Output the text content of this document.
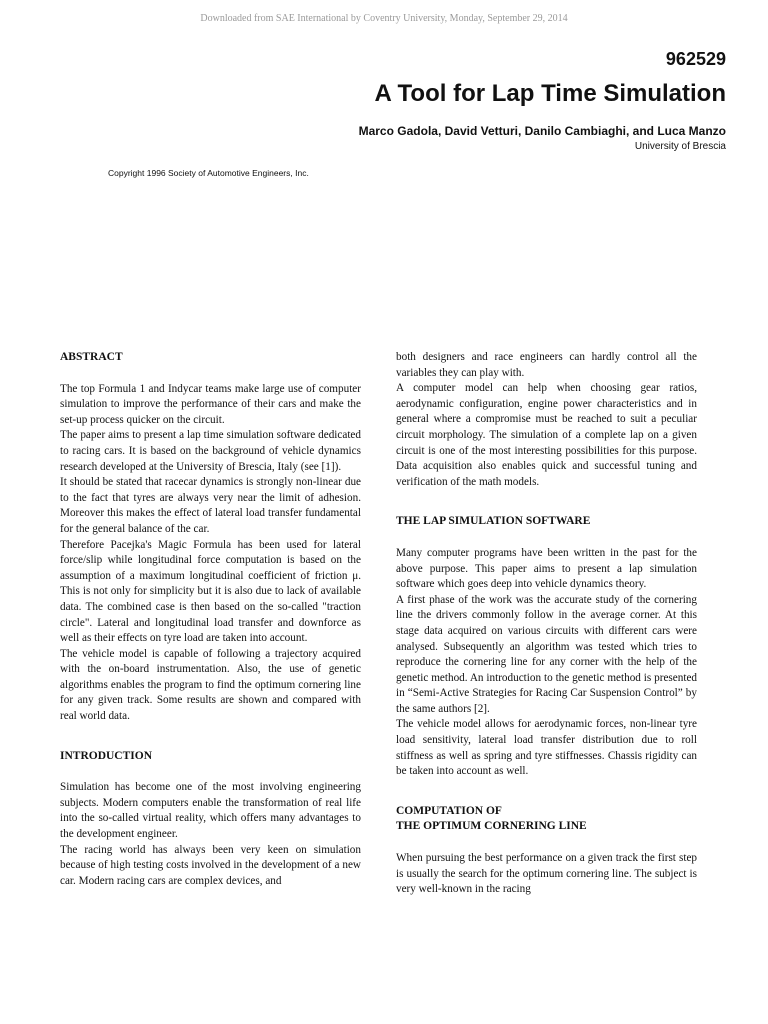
Downloaded from SAE International by Coventry University, Monday, September 29, 2014
962529
A Tool for Lap Time Simulation
Marco Gadola, David Vetturi, Danilo Cambiaghi, and Luca Manzo
University of Brescia
Copyright 1996 Society of Automotive Engineers, Inc.
ABSTRACT

The top Formula 1 and Indycar teams make large use of computer simulation to improve the performance of their cars and make the set-up process quicker on the circuit.

The paper aims to present a lap time simulation software dedicated to racing cars. It is based on the background of vehicle dynamics research developed at the University of Brescia, Italy (see [1]).

It should be stated that racecar dynamics is strongly non-linear due to the fact that tyres are always very near the limit of adhesion. Moreover this makes the effect of lateral load transfer fundamental for the general balance of the car.

Therefore Pacejka's Magic Formula has been used for lateral force/slip while longitudinal force computation is based on the assumption of a maximum longitudinal coefficient of friction μ. This is not only for simplicity but it is also due to lack of available data. The combined case is then based on the so-called "traction circle". Lateral and longitudinal load transfer and downforce as well as their effects on tyre load are taken into account.

The vehicle model is capable of following a trajectory acquired with the on-board instrumentation. Also, the use of genetic algorithms enables the program to find the optimum cornering line for any given track. Some results are shown and compared with real world data.

INTRODUCTION

Simulation has become one of the most involving engineering subjects. Modern computers enable the transformation of real life into the so-called virtual reality, which offers many advantages to the development engineer.

The racing world has always been very keen on simulation because of high testing costs involved in the development of a new car. Modern racing cars are complex devices, and

both designers and race engineers can hardly control all the variables they can play with.

A computer model can help when choosing gear ratios, aerodynamic configuration, engine power characteristics and in general where a compromise must be reached to suit a peculiar circuit morphology. The simulation of a complete lap on a given circuit is one of the most interesting possibilities for this purpose. Data acquisition also enables quick and successful tuning and verification of the math models.

THE LAP SIMULATION SOFTWARE

Many computer programs have been written in the past for the above purpose. This paper aims to present a lap simulation software which goes deep into vehicle dynamics theory.

A first phase of the work was the accurate study of the cornering line the drivers commonly follow in the average corner. At this stage data acquired on various circuits with different cars were analysed. Subsequently an algorithm was tested which tries to reproduce the cornering line for any corner with the help of the genetic method. An introduction to the genetic method is presented in “Semi-Active Strategies for Racing Car Suspension Control” by the same authors [2].

The vehicle model allows for aerodynamic forces, non-linear tyre load sensitivity, lateral load transfer distribution due to roll stiffness as well as spring and tyre stiffnesses. Chassis rigidity can be taken into account as well.

COMPUTATION OF
THE OPTIMUM CORNERING LINE

When pursuing the best performance on a given track the first step is usually the search for the optimum cornering line. The subject is very well-known in the racing
